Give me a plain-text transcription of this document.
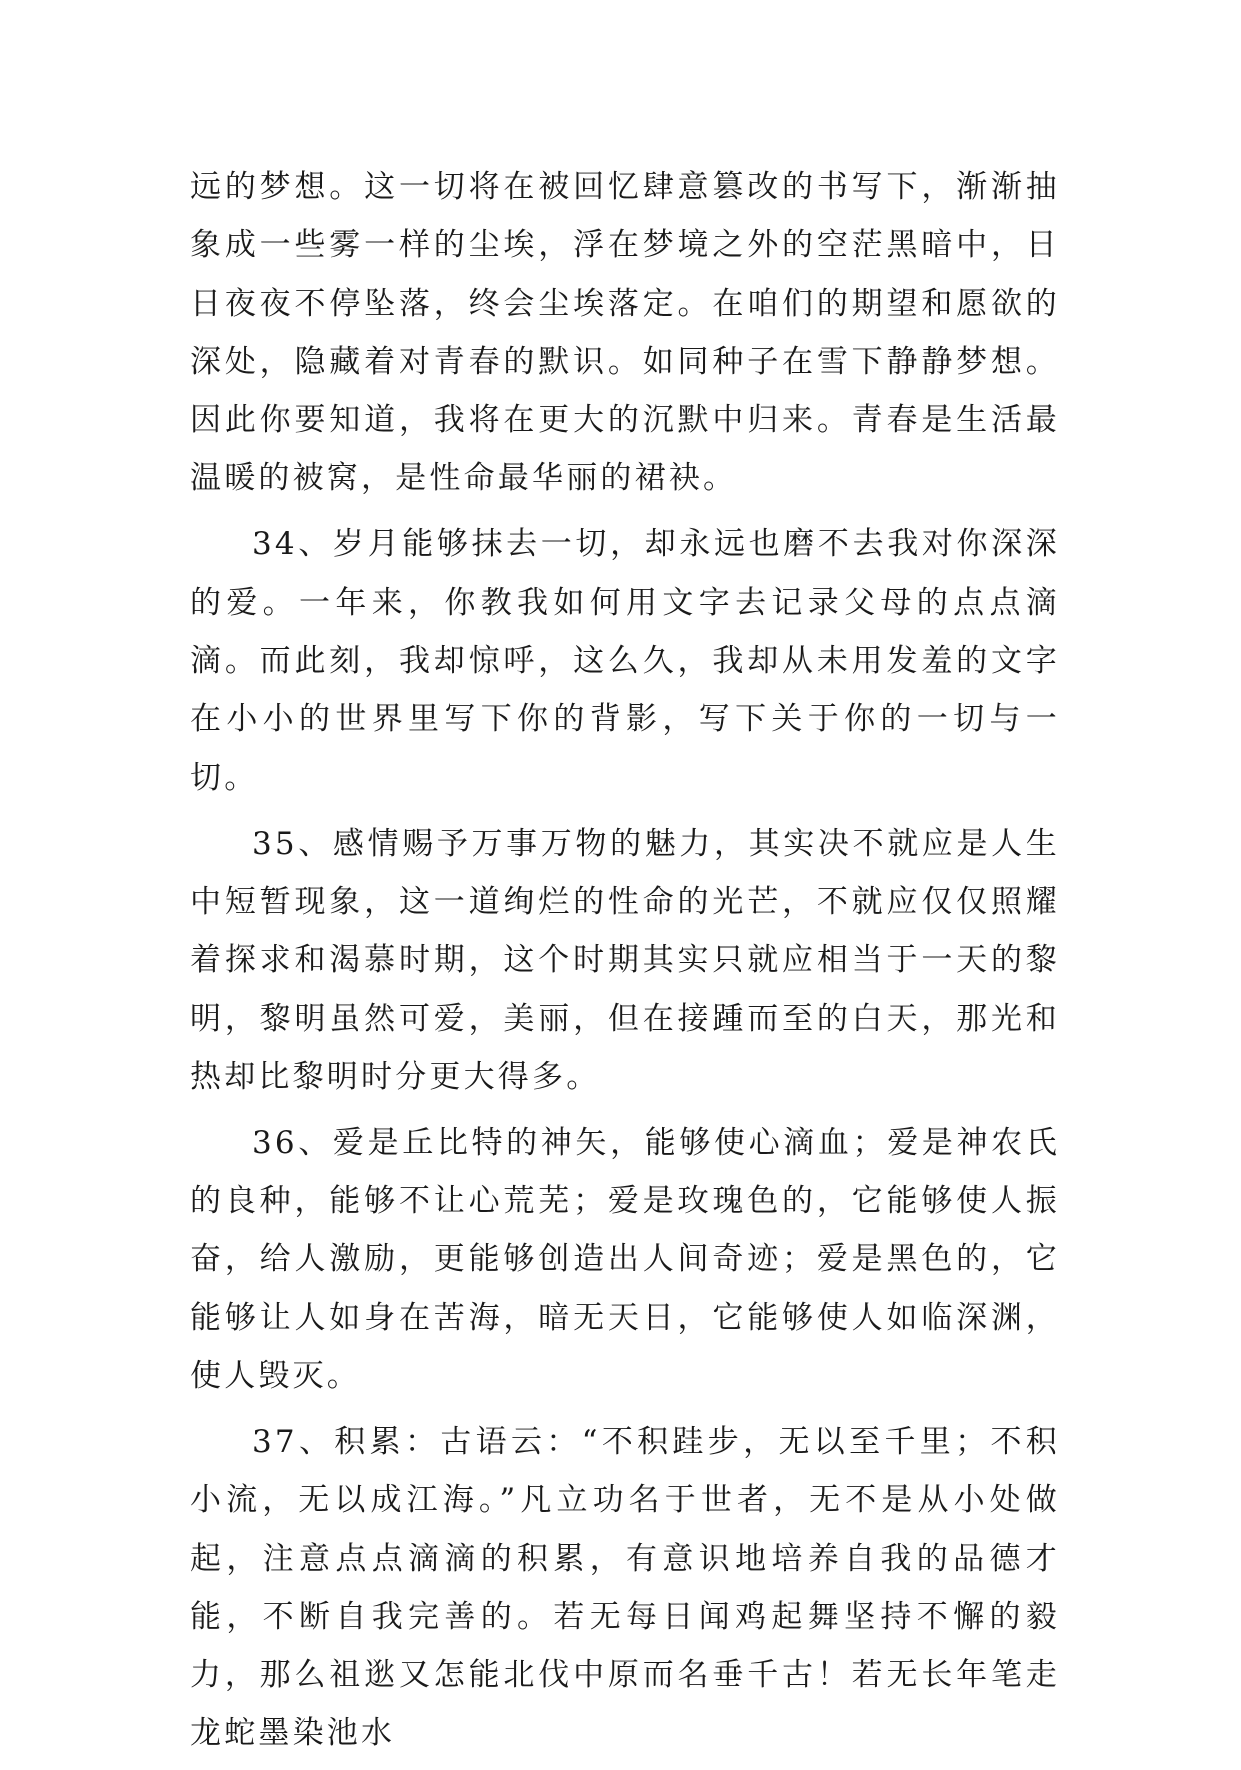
远的梦想。这一切将在被回忆肆意篡改的书写下，渐渐抽象成一些雾一样的尘埃，浮在梦境之外的空茫黑暗中，日日夜夜不停坠落，终会尘埃落定。在咱们的期望和愿欲的深处，隐藏着对青春的默识。如同种子在雪下静静梦想。因此你要知道，我将在更大的沉默中归来。青春是生活最温暖的被窝，是性命最华丽的裙袂。

34、岁月能够抹去一切，却永远也磨不去我对你深深的爱。一年来，你教我如何用文字去记录父母的点点滴滴。而此刻，我却惊呼，这么久，我却从未用发羞的文字在小小的世界里写下你的背影，写下关于你的一切与一切。

35、感情赐予万事万物的魅力，其实决不就应是人生中短暂现象，这一道绚烂的性命的光芒，不就应仅仅照耀着探求和渴慕时期，这个时期其实只就应相当于一天的黎明，黎明虽然可爱，美丽，但在接踵而至的白天，那光和热却比黎明时分更大得多。

36、爱是丘比特的神矢，能够使心滴血；爱是神农氏的良种，能够不让心荒芜；爱是玫瑰色的，它能够使人振奋，给人激励，更能够创造出人间奇迹；爱是黑色的，它能够让人如身在苦海，暗无天日，它能够使人如临深渊，使人毁灭。

37、积累：古语云：“不积跬步，无以至千里；不积小流，无以成江海。”凡立功名于世者，无不是从小处做起，注意点点滴滴的积累，有意识地培养自我的品德才能，不断自我完善的。若无每日闻鸡起舞坚持不懈的毅力，那么祖逖又怎能北伐中原而名垂千古！若无长年笔走龙蛇墨染池水
